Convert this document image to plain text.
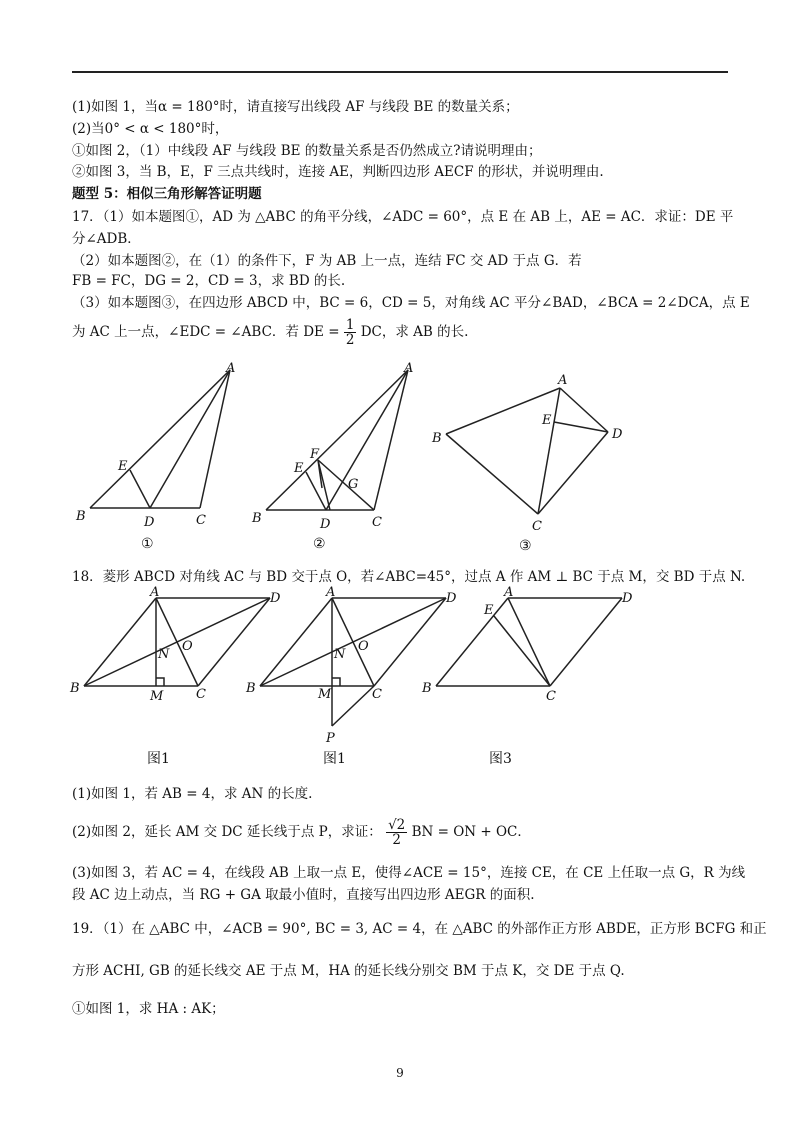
(1)如图 1，当α = 180°时，请直接写出线段 AF 与线段 BE 的数量关系；
(2)当0° < α < 180°时，
①如图 2，（1）中线段 AF 与线段 BE 的数量关系是否仍然成立?请说明理由；
②如图 3，当 B，E，F 三点共线时，连接 AE，判断四边形 AECF 的形状，并说明理由.
题型 5：相似三角形解答证明题
17．（1）如本题图①，AD 为 △ABC 的角平分线，∠ADC = 60°，点 E 在 AB 上，AE = AC．求证：DE 平
分∠ADB．
（2）如本题图②，在（1）的条件下，F 为 AB 上一点，连结 FC 交 AD 于点 G．若
FB = FC，DG = 2，CD = 3，求 BD 的长.
（3）如本题图③，在四边形 ABCD 中，BC = 6，CD = 5，对角线 AC 平分∠BAD，∠BCA = 2∠DCA，点 E
为 AC 上一点，∠EDC = ∠ABC．若 DE = $\frac{1}{2}$ DC，求 AB 的长.
A
B	D	C
E
①
A
B	D	C
E
F
G
②
A
B	D
C
E
③
18．菱形 ABCD 对角线 AC 与 BD 交于点 O，若∠ABC=45°，过点 A 作 AM ⊥ BC 于点 M，交 BD 于点 N.
A
B	C
D
M
N
O
图1
A
B	C
D
M
N
O
P
图1
A
E
B
C
D
图3
(1)如图 1，若 AB = 4，求 AN 的长度.
(2)如图 2，延长 AM 交 DC 延长线于点 P，求证： $\frac{√2}{2}$ BN = ON + OC．
(3)如图 3，若 AC = 4，在线段 AB 上取一点 E，使得∠ACE = 15°，连接 CE，在 CE 上任取一点 G，R 为线
段 AC 边上动点，当 RG + GA 取最小值时，直接写出四边形 AEGR 的面积.
19．（1）在 △ABC 中，∠ACB = 90°, BC = 3, AC = 4，在 △ABC 的外部作正方形 ABDE，正方形 BCFG 和正
方形 ACHI, GB 的延长线交 AE 于点 M，HA 的延长线分别交 BM 于点 K，交 DE 于点 Q.
①如图 1，求 HA : AK；
9
